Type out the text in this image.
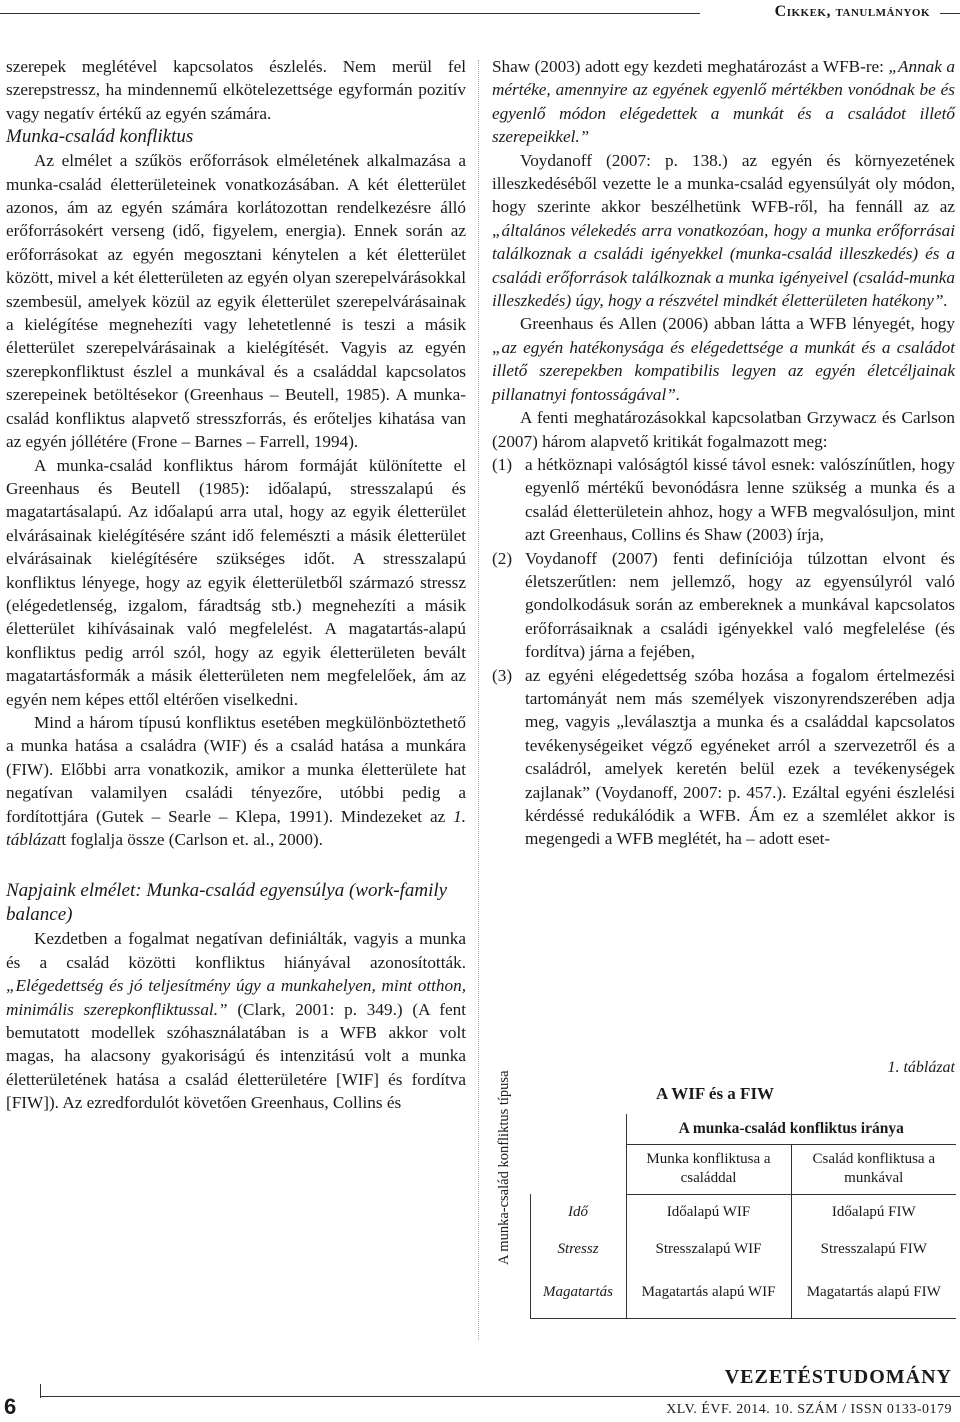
Cikkek, tanulmányok

szerepek meglétével kapcsolatos észlelés. Nem merül fel szerepstressz, ha mindennemű elkötelezettsége egyformán pozitív vagy negatív értékű az egyén számára.

Munka-család konfliktus

Az elmélet a szűkös erőforrások elméletének alkalmazása a munka-család életterületeinek vonatkozásában. A két életterület azonos, ám az egyén számára korlátozottan rendelkezésre álló erőforrásokért verseng (idő, figyelem, energia). Ennek során az erőforrásokat az egyén megosztani kénytelen a két életterület között, mivel a két életterületen az egyén olyan szerepelvárásokkal szembesül, amelyek közül az egyik életterület szerepelvárásainak a kielégítése megnehezíti vagy lehetetlenné is teszi a másik életterület szerepelvárásainak a kielégítését. Vagyis az egyén szerepkonfliktust észlel a munkával és a családdal kapcsolatos szerepeinek betöltésekor (Greenhaus – Beutell, 1985). A munka-család konfliktus alapvető stresszforrás, és erőteljes kihatása van az egyén jóllétére (Frone – Barnes – Farrell, 1994).

A munka-család konfliktus három formáját különítette el Greenhaus és Beutell (1985): időalapú, stresszalapú és magatartásalapú. Az időalapú arra utal, hogy az egyik életterület elvárásainak kielégítésére szánt idő felemészti a másik életterület elvárásainak kielégítésére szükséges időt. A stresszalapú konfliktus lényege, hogy az egyik életterületből származó stressz (elégedetlenség, izgalom, fáradtság stb.) megnehezíti a másik életterület kihívásainak való megfelelést. A magatartás-alapú konfliktus pedig arról szól, hogy az egyik életterületen bevált magatartásformák a másik életterületen nem megfelelőek, ám az egyén nem képes ettől eltérően viselkedni.

Mind a három típusú konfliktus esetében megkülönböztethető a munka hatása a családra (WIF) és a család hatása a munkára (FIW). Előbbi arra vonatkozik, amikor a munka életterülete hat negatívan valamilyen családi tényezőre, utóbbi pedig a fordítottjára (Gutek – Searle – Klepa, 1991). Mindezeket az 1. táblázatt foglalja össze (Carlson et. al., 2000).

Napjaink elmélet: Munka-család egyensúlya (work-family balance)

Kezdetben a fogalmat negatívan definiálták, vagyis a munka és a család közötti konfliktus hiányával azonosították. „Elégedettség és jó teljesítmény úgy a munkahelyen, mint otthon, minimális szerepkonfliktussal.” (Clark, 2001: p. 349.) (A fent bemutatott modellek szóhasználatában is a WFB akkor volt magas, ha alacsony gyakoriságú és intenzitású volt a munka életterületének hatása a család életterületére [WIF] és fordítva [FIW]). Az ezredfordulót követően Greenhaus, Collins és

Shaw (2003) adott egy kezdeti meghatározást a WFB-re: „Annak a mértéke, amennyire az egyének egyenlő mértékben vonódnak be és egyenlő módon elégedettek a munkát és a családot illető szerepeikkel.”

Voydanoff (2007: p. 138.) az egyén és környezetének illeszkedéséből vezette le a munka-család egyensúlyát oly módon, hogy szerinte akkor beszélhetünk WFB-ről, ha fennáll az az „általános vélekedés arra vonatkozóan, hogy a munka erőforrásai találkoznak a családi igényekkel (munka-család illeszkedés) és a családi erőforrások találkoznak a munka igényeivel (család-munka illeszkedés) úgy, hogy a részvétel mindkét életterületen hatékony”.

Greenhaus és Allen (2006) abban látta a WFB lényegét, hogy „az egyén hatékonysága és elégedettsége a munkát és a családot illető szerepekben kompatibilis legyen az egyén életcéljainak pillanatnyi fontosságával”.

A fenti meghatározásokkal kapcsolatban Grzywacz és Carlson (2007) három alapvető kritikát fogalmazott meg:

(1) a hétköznapi valóságtól kissé távol esnek: valószínűtlen, hogy egyenlő mértékű bevonódásra lenne szükség a munka és a család életterületein ahhoz, hogy a WFB megvalósuljon, mint azt Greenhaus, Collins és Shaw (2003) írja,
(2) Voydanoff (2007) fenti definíciója túlzottan elvont és életszerűtlen: nem jellemző, hogy az egyensúlyról való gondolkodásuk során az embereknek a munkával kapcsolatos erőforrásaiknak a családi igényekkel való megfelelése (és fordítva) járna a fejében,
(3) az egyéni elégedettség szóba hozása a fogalom értelmezési tartományát nem más személyek viszonyrendszerében adja meg, vagyis „leválasztja a munka és a családdal kapcsolatos tevékenységeiket végző egyéneket arról a szervezetről és a családról, amelyek keretén belül ezek a tevékenységek zajlanak” (Voydanoff, 2007: p. 457.). Ezáltal egyéni észlelési kérdéssé redukálódik a WFB. Ám ez a szemlélet akkor is megengedi a WFB meglétét, ha – adott eset-
1. táblázat
A WIF és a FIW
		A munka-család konfliktus iránya	
		Munka konfliktusa a családdal	Család konfliktusa a munkával

A munka-család konfliktus típusa	Idő	Időalapú WIF	Időalapú FIW
	Stressz	Stresszalapú WIF	Stresszalapú FIW
	Magatartás	Magatartás alapú WIF	Magatartás alapú FIW
VEZETÉSTUDOMÁNY
6	XLV. ÉVF. 2014. 10. SZÁM / ISSN 0133-0179
